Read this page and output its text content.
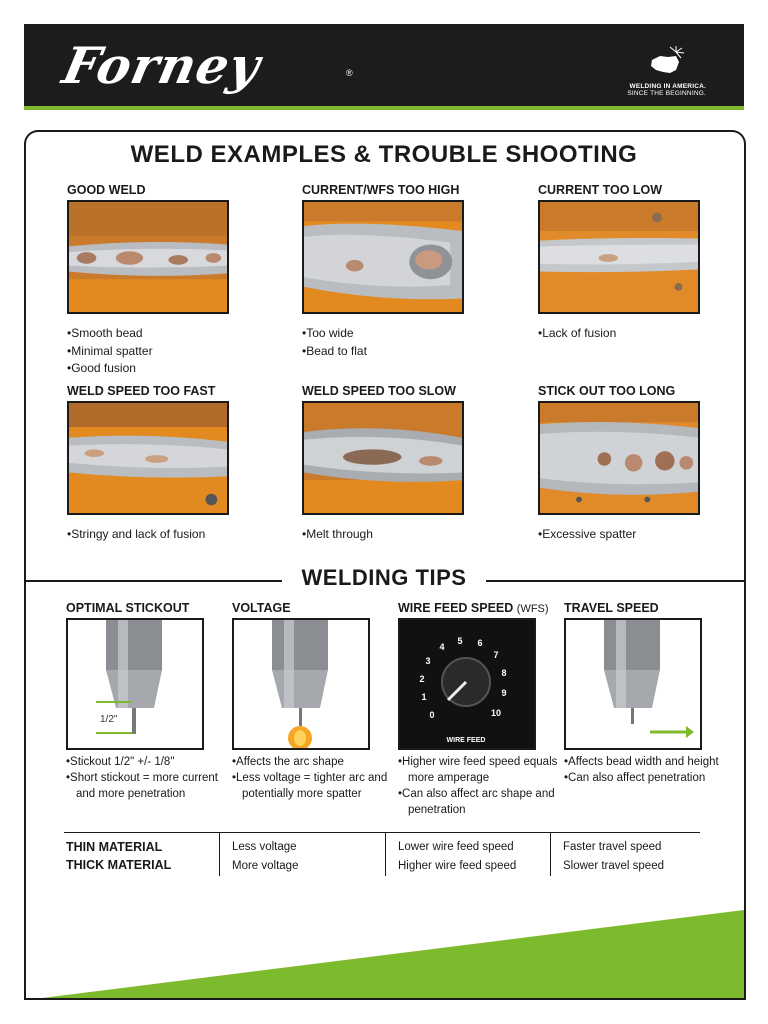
Forney	®
WELDING IN AMERICA.
SINCE THE BEGINNING.
WELD EXAMPLES & TROUBLE SHOOTING
GOOD WELD
• Smooth bead
• Minimal spatter
• Good fusion
CURRENT/WFS TOO HIGH
• Too wide
• Bead to flat
CURRENT TOO LOW
• Lack of fusion
WELD SPEED TOO FAST
• Stringy and lack of fusion
WELD SPEED TOO SLOW
• Melt through
STICK OUT TOO LONG
• Excessive spatter
WELDING TIPS
OPTIMAL STICKOUT
1/2"
• Stickout 1/2" +/- 1/8"
• Short stickout = more current and more penetration
VOLTAGE
• Affects the arc shape
• Less voltage = tighter arc and potentially more spatter
WIRE FEED SPEED (WFS)
0
1
2
3
4
5 6
7
8
9
10
WIRE FEED
• Higher wire feed speed equals more amperage
• Can also affect arc shape and penetration
TRAVEL SPEED
• Affects bead width and height
• Can also affect penetration
THIN MATERIAL
THICK MATERIAL
Less voltage
More voltage
Lower wire feed speed
Higher wire feed speed
Faster travel speed
Slower travel speed
